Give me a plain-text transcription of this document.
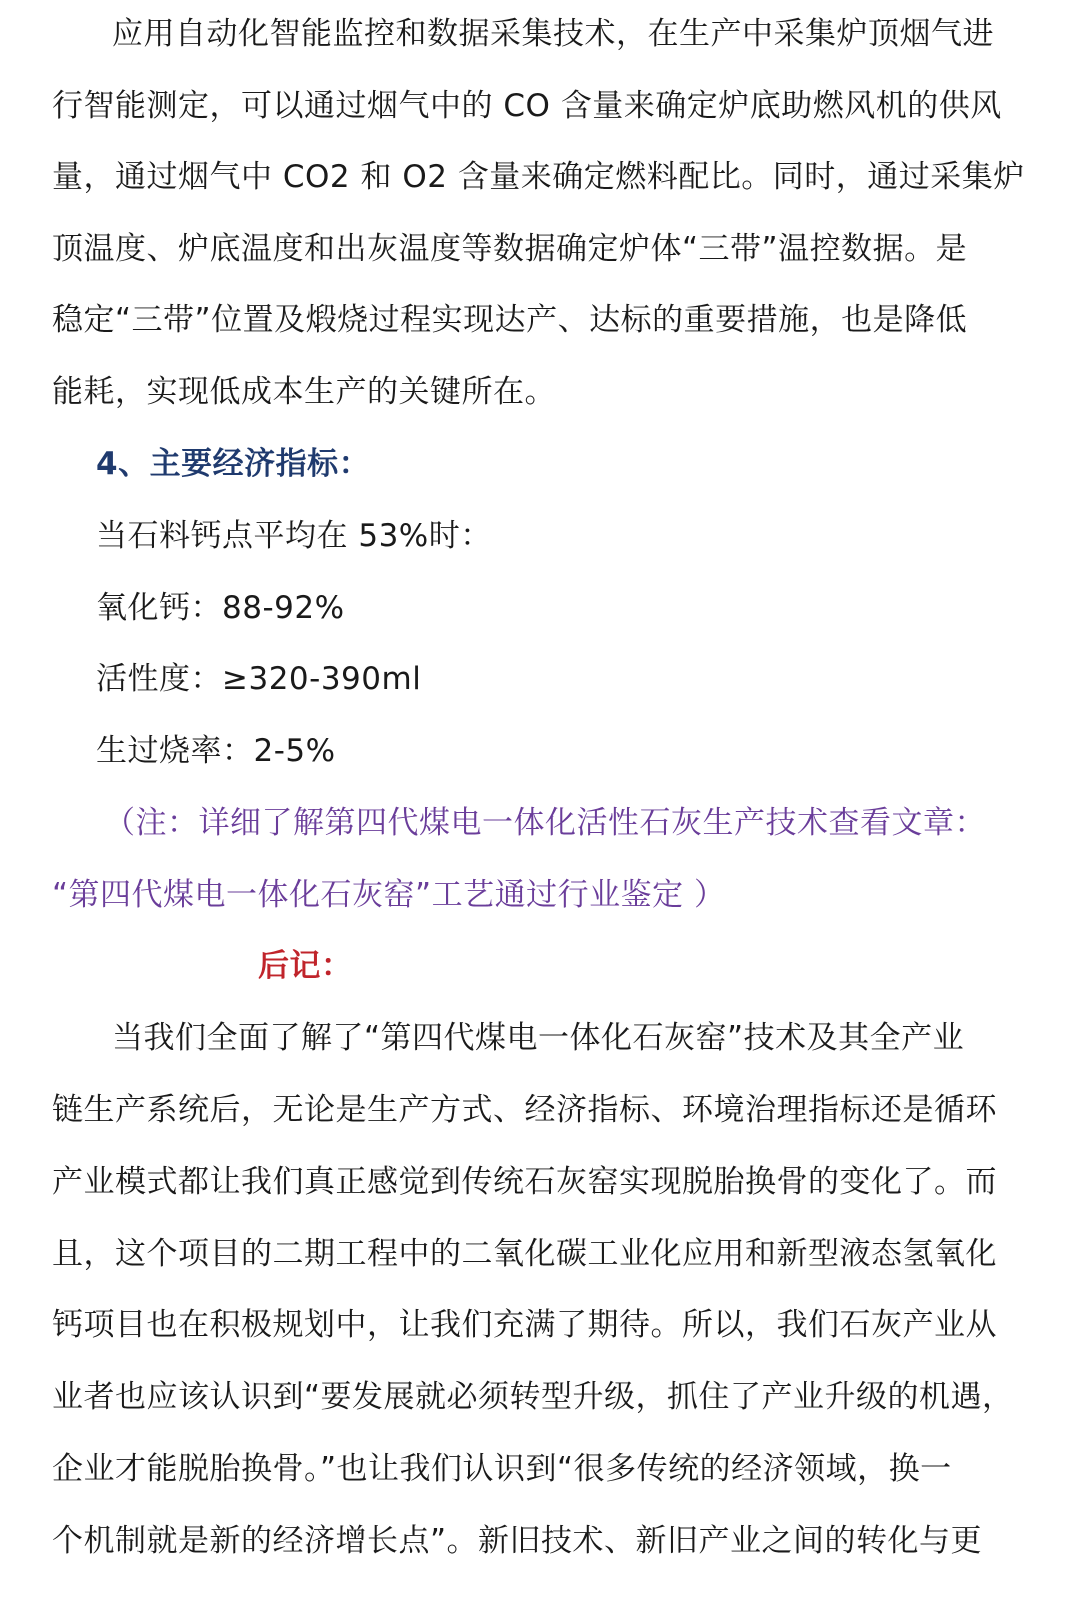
应用自动化智能监控和数据采集技术，在生产中采集炉顶烟气进
行智能测定，可以通过烟气中的 CO 含量来确定炉底助燃风机的供风
量，通过烟气中 CO2 和 O2 含量来确定燃料配比。同时，通过采集炉
顶温度、炉底温度和出灰温度等数据确定炉体“三带”温控数据。是
稳定“三带”位置及煅烧过程实现达产、达标的重要措施，也是降低
能耗，实现低成本生产的关键所在。
4、主要经济指标：
当石料钙点平均在 53%时：
氧化钙：88-92%
活性度：≥320-390ml
生过烧率：2-5%
（注：详细了解第四代煤电一体化活性石灰生产技术查看文章：
“第四代煤电一体化石灰窑”工艺通过行业鉴定 ）
后记：
当我们全面了解了“第四代煤电一体化石灰窑”技术及其全产业
链生产系统后，无论是生产方式、经济指标、环境治理指标还是循环
产业模式都让我们真正感觉到传统石灰窑实现脱胎换骨的变化了。而
且，这个项目的二期工程中的二氧化碳工业化应用和新型液态氢氧化
钙项目也在积极规划中，让我们充满了期待。所以，我们石灰产业从
业者也应该认识到“要发展就必须转型升级，抓住了产业升级的机遇，
企业才能脱胎换骨。”也让我们认识到“很多传统的经济领域，换一
个机制就是新的经济增长点”。新旧技术、新旧产业之间的转化与更
